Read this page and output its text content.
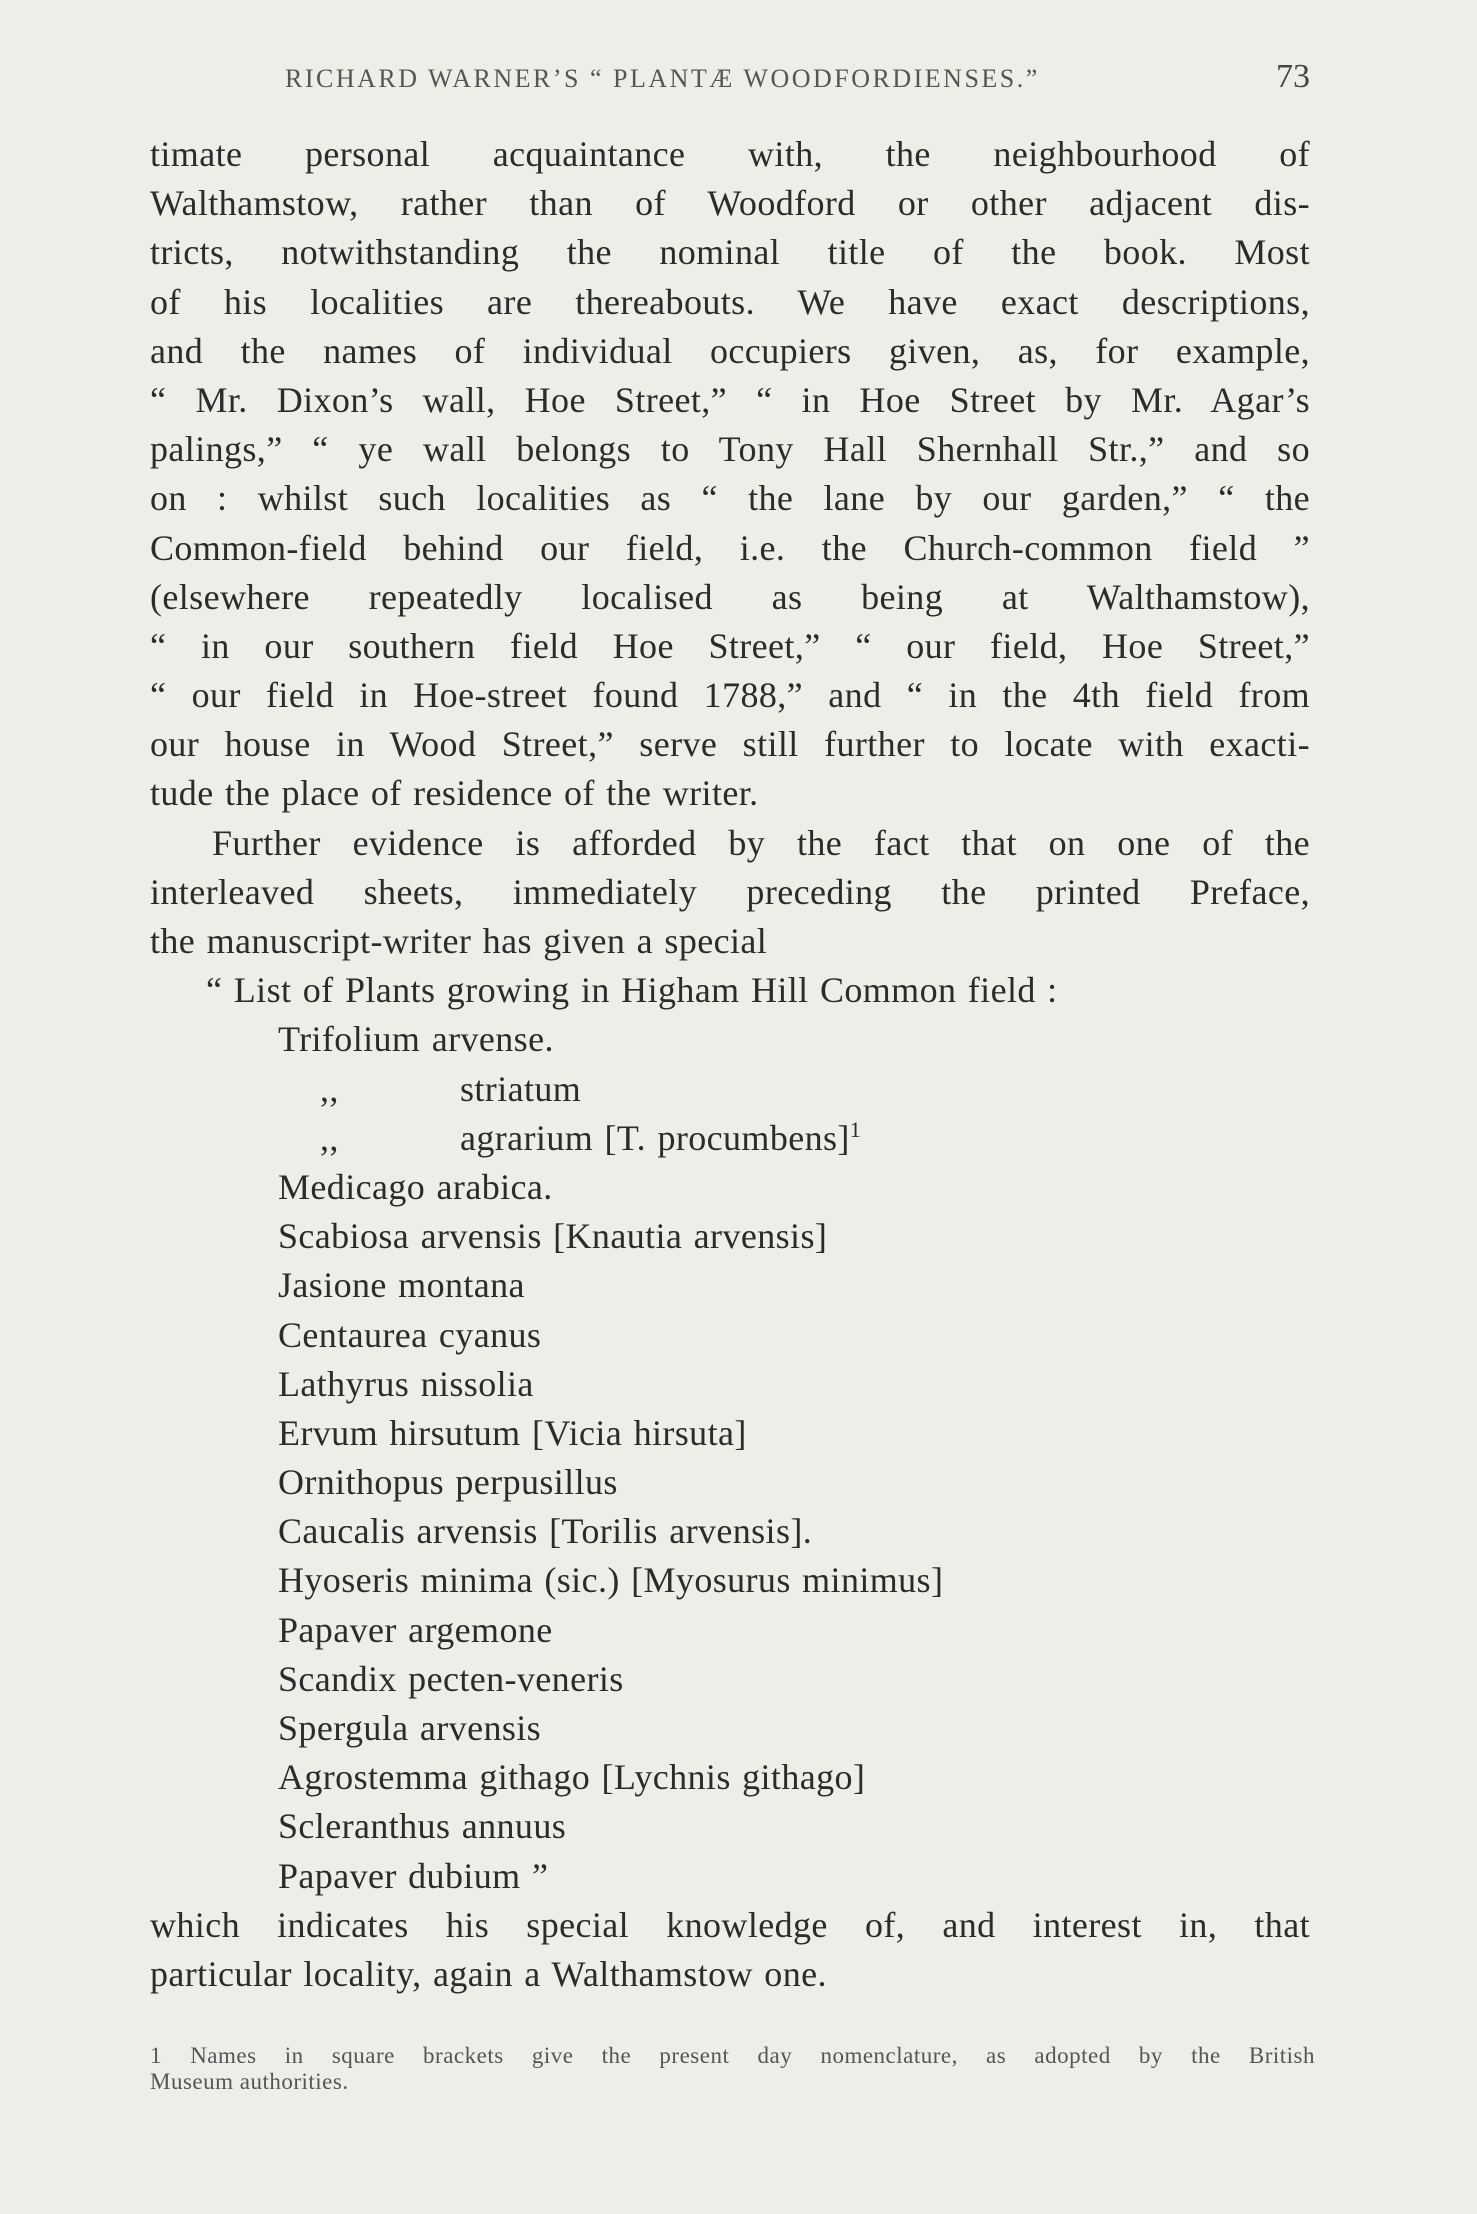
RICHARD WARNER’S “ PLANTÆ WOODFORDIENSES.”	73
timate personal acquaintance with, the neighbourhood of
Walthamstow, rather than of Woodford or other adjacent dis-
tricts, notwithstanding the nominal title of the book. Most
of his localities are thereabouts. We have exact descriptions,
and the names of individual occupiers given, as, for example,
“ Mr. Dixon’s wall, Hoe Street,” “ in Hoe Street by Mr. Agar’s
palings,” “ ye wall belongs to Tony Hall Shernhall Str.,” and so
on : whilst such localities as “ the lane by our garden,” “ the
Common-field behind our field, i.e. the Church-common field ”
(elsewhere repeatedly localised as being at Walthamstow),
“ in our southern field Hoe Street,” “ our field, Hoe Street,”
“ our field in Hoe-street found 1788,” and “ in the 4th field from
our house in Wood Street,” serve still further to locate with exacti-
tude the place of residence of the writer.
Further evidence is afforded by the fact that on one of the
interleaved sheets, immediately preceding the printed Preface,
the manuscript-writer has given a special
“ List of Plants growing in Higham Hill Common field :
Trifolium arvense.
,,	striatum
,,	agrarium [T. procumbens]$^1$
Medicago arabica.
Scabiosa arvensis [Knautia arvensis]
Jasione montana
Centaurea cyanus
Lathyrus nissolia
Ervum hirsutum [Vicia hirsuta]
Ornithopus perpusillus
Caucalis arvensis [Torilis arvensis].
Hyoseris minima (sic.) [Myosurus minimus]
Papaver argemone
Scandix pecten-veneris
Spergula arvensis
Agrostemma githago [Lychnis githago]
Scleranthus annuus
Papaver dubium ”
which indicates his special knowledge of, and interest in, that
particular locality, again a Walthamstow one.
1 Names in square brackets give the present day nomenclature, as adopted by the British
Museum authorities.
